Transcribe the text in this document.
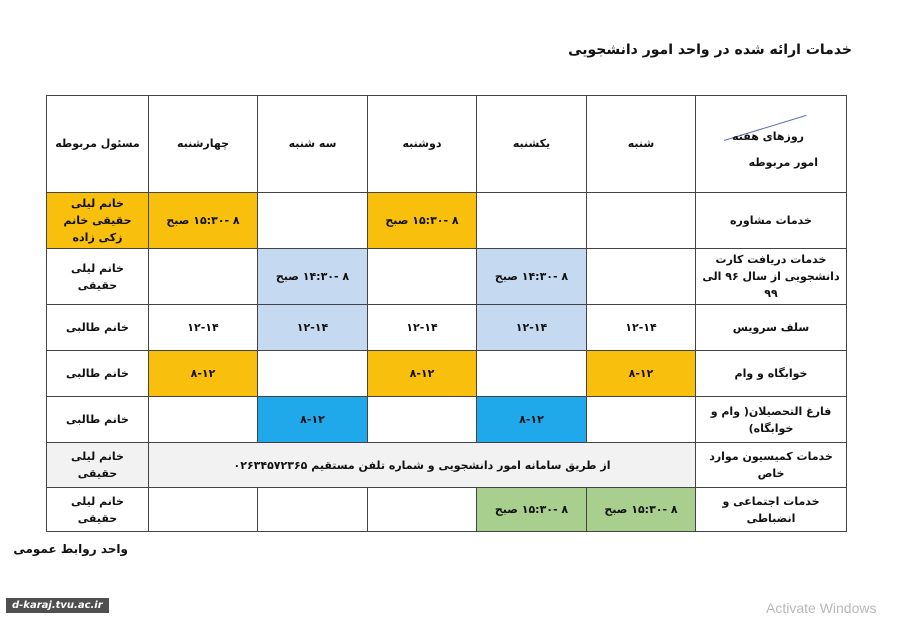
خدمات ارائه شده در واحد امور دانشجویی
روزهای هفته
امور مربوطه	شنبه	یکشنبه	دوشنبه	سه شنبه	چهارشنبه	مسئول مربوطه
خدمات مشاوره			۸ -۱۵:۳۰ صبح		۸ -۱۵:۳۰ صبح	خانم لیلی حقیقی خانم زکی زاده
خدمات دریافت کارت دانشجویی از سال ۹۶ الی ۹۹		۸ -۱۴:۳۰ صبح		۸ -۱۴:۳۰ صبح		خانم لیلی حقیقی
سلف سرویس	۱۲-۱۴	۱۲-۱۴	۱۲-۱۴	۱۲-۱۴	۱۲-۱۴	خانم طالبی
خوابگاه و وام	۸-۱۲		۸-۱۲		۸-۱۲	خانم طالبی
فارغ التحصیلان( وام و خوابگاه)		۸-۱۲		۸-۱۲		خانم طالبی
خدمات کمیسیون موارد خاص	از طریق سامانه امور دانشجویی و شماره تلفن مستقیم ۰۲۶۳۴۵۷۲۳۶۵					خانم لیلی حقیقی
خدمات اجتماعی و انضباطی	۸ -۱۵:۳۰ صبح	۸ -۱۵:۳۰ صبح				خانم لیلی حقیقی
واحد روابط عمومی
d-karaj.tvu.ac.ir	Activate Windows
